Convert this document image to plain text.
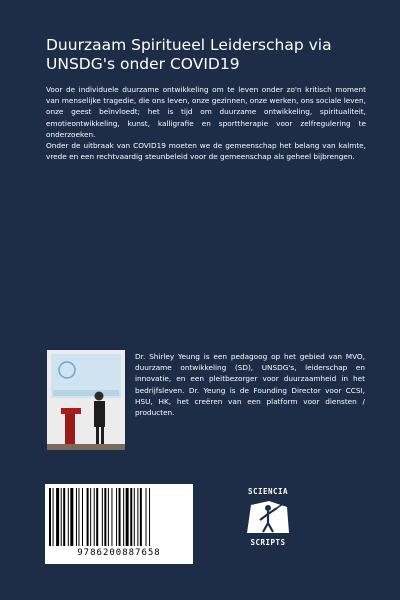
Duurzaam Spiritueel Leiderschap via UNSDG's onder COVID19

Voor de individuele duurzame ontwikkeling om te leven onder zo'n kritisch moment van menselijke tragedie, die ons leven, onze gezinnen, onze werken, ons sociale leven, onze geest beïnvloedt; het is tijd om duurzame ontwikkeling, spiritualiteit, emotieontwikkeling, kunst, kalligrafie en sporttherapie voor zelfregulering te onderzoeken.

Onder de uitbraak van COVID19 moeten we de gemeenschap het belang van kalmte, vrede en een rechtvaardig steunbeleid voor de gemeenschap als geheel bijbrengen.

Dr. Shirley Yeung is een pedagoog op het gebied van MVO, duurzame ontwikkeling (SD), UNSDG's, leiderschap en innovatie, en een pleitbezorger voor duurzaamheid in het bedrijfsleven. Dr. Yeung is de Founding Director voor CCSI, HSU, HK, het creëren van een platform voor diensten / producten.

9786200887658
SCIENCIA
SCRIPTS
